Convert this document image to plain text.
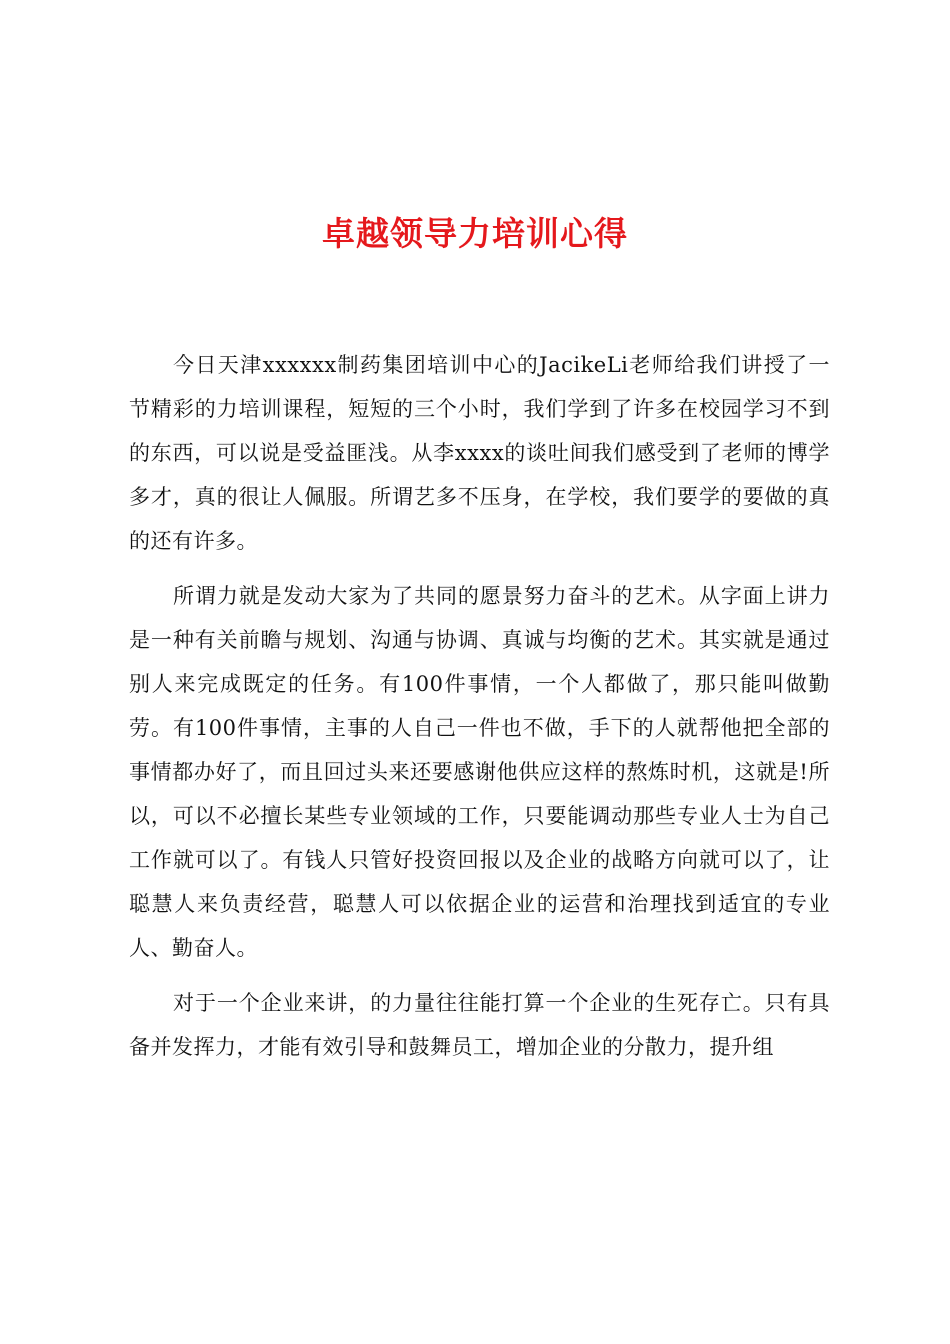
卓越领导力培训心得

今日天津xxxxxx制药集团培训中心的JacikeLi老师给我们讲授了一节精彩的力培训课程，短短的三个小时，我们学到了许多在校园学习不到的东西，可以说是受益匪浅。从李xxxx的谈吐间我们感受到了老师的博学多才，真的很让人佩服。所谓艺多不压身，在学校，我们要学的要做的真的还有许多。

所谓力就是发动大家为了共同的愿景努力奋斗的艺术。从字面上讲力是一种有关前瞻与规划、沟通与协调、真诚与均衡的艺术。其实就是通过别人来完成既定的任务。有100件事情，一个人都做了，那只能叫做勤劳。有100件事情，主事的人自己一件也不做，手下的人就帮他把全部的事情都办好了，而且回过头来还要感谢他供应这样的熬炼时机，这就是!所以，可以不必擅长某些专业领域的工作，只要能调动那些专业人士为自己工作就可以了。有钱人只管好投资回报以及企业的战略方向就可以了，让聪慧人来负责经营，聪慧人可以依据企业的运营和治理找到适宜的专业人、勤奋人。

对于一个企业来讲，的力量往往能打算一个企业的生死存亡。只有具备并发挥力，才能有效引导和鼓舞员工，增加企业的分散力，提升组
